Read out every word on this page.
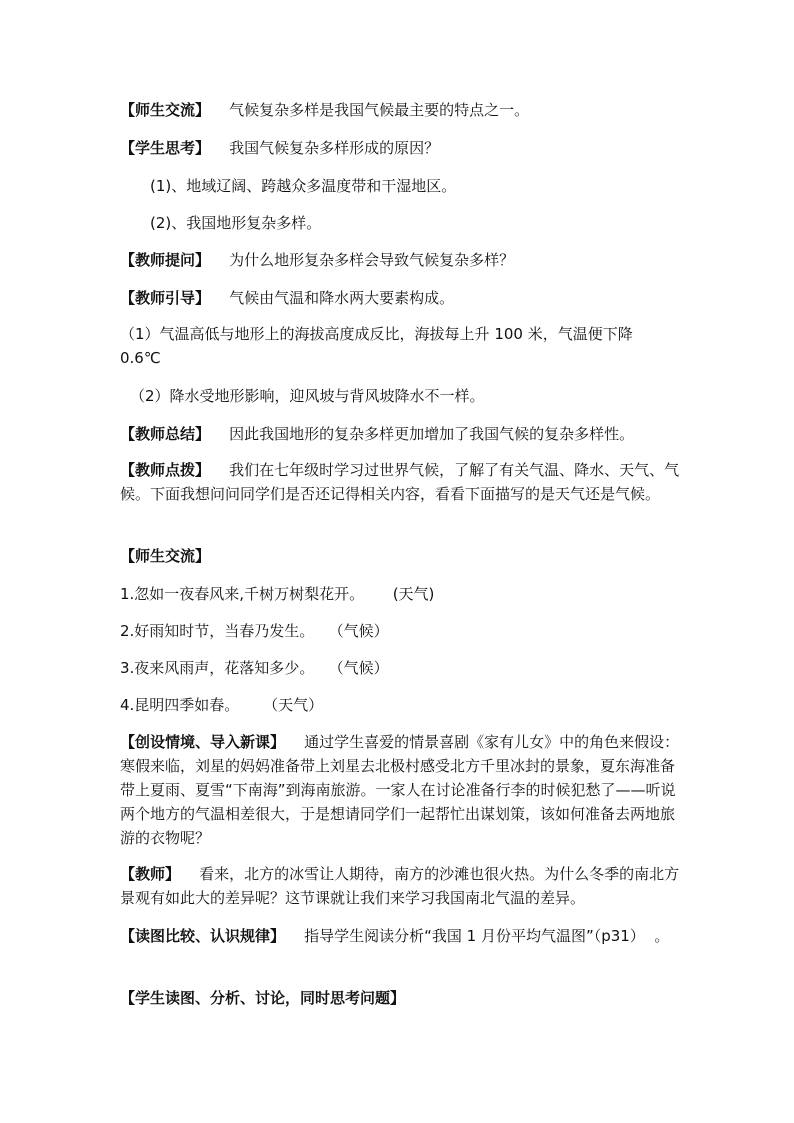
【师生交流】    气候复杂多样是我国气候最主要的特点之一。
【学生思考】    我国气候复杂多样形成的原因？
(1)、地域辽阔、跨越众多温度带和干湿地区。
(2)、我国地形复杂多样。
【教师提问】    为什么地形复杂多样会导致气候复杂多样？
【教师引导】    气候由气温和降水两大要素构成。
（1）气温高低与地形上的海拔高度成反比，海拔每上升 100 米，气温便下降
0.6℃
（2）降水受地形影响，迎风坡与背风坡降水不一样。
【教师总结】    因此我国地形的复杂多样更加增加了我国气候的复杂多样性。
【教师点拨】    我们在七年级时学习过世界气候，了解了有关气温、降水、天气、气候。下面我想问问同学们是否还记得相关内容，看看下面描写的是天气还是气候。
【师生交流】
1.忽如一夜春风来,千树万树梨花开。      (天气)
2.好雨知时节，当春乃发生。   （气候）
3.夜来风雨声，花落知多少。   （气候）
4.昆明四季如春。     （天气）
【创设情境、导入新课】    通过学生喜爱的情景喜剧《家有儿女》中的角色来假设：寒假来临，刘星的妈妈准备带上刘星去北极村感受北方千里冰封的景象，夏东海准备带上夏雨、夏雪“下南海”到海南旅游。一家人在讨论准备行李的时候犯愁了——听说两个地方的气温相差很大，于是想请同学们一起帮忙出谋划策，该如何准备去两地旅游的衣物呢？
【教师】    看来，北方的冰雪让人期待，南方的沙滩也很火热。为什么冬季的南北方景观有如此大的差异呢？这节课就让我们来学习我国南北气温的差异。
【读图比较、认识规律】    指导学生阅读分析“我国 1 月份平均气温图”（p31）  。
【学生读图、分析、讨论，同时思考问题】
